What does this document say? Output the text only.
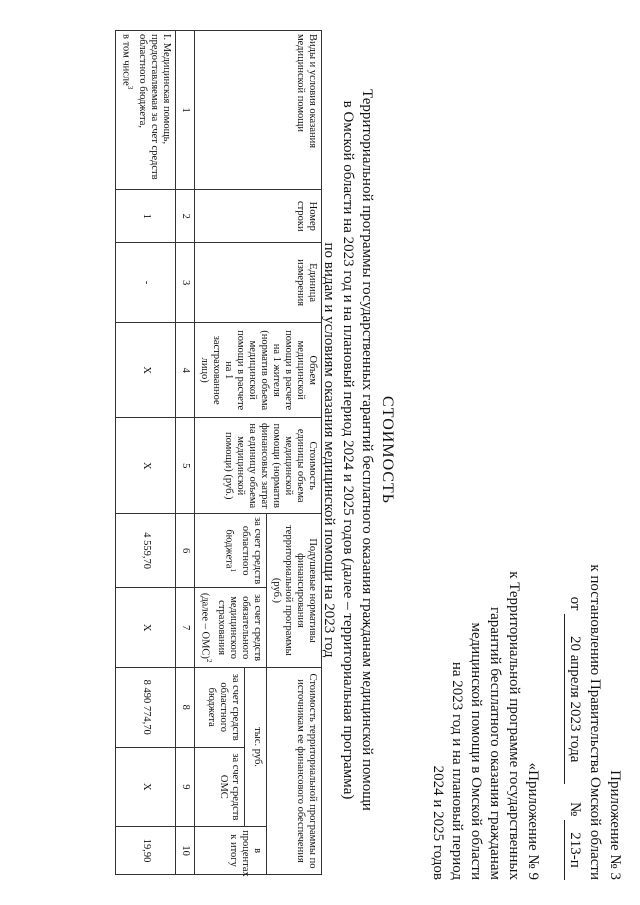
Приложение № 3
к постановлению Правительства Омской области
от 20 апреля 2023 года № 213-п
«Приложение № 9
к Территориальной программе государственных
гарантий бесплатного оказания гражданам
медицинской помощи в Омской области
на 2023 год и на плановый период
2024 и 2025 годов
СТОИМОСТЬ
Территориальной программы государственных гарантий бесплатного оказания гражданам медицинской помощи
в Омской области на 2023 год и на плановый период 2024 и 2025 годов (далее – территориальная программа)
по видам и условиям оказания медицинской помощи на 2023 год
Виды и условия оказания медицинской помощи	Номер строки	Единица измерения	Объем медицинской помощи в расчете на 1 жителя (норматив объема медицинской помощи в расчете на 1 застрахованное лицо)	Стоимость единицы объема медицинской помощи (норматив финансовых затрат на единицу объема медицинской помощи) (руб.)	Подушевые нормативы финансирования территориальной программы (руб.)		Стоимость территориальной программы по источникам ее финансового обеспечения		
					за счет средств областного бюджета$^1$	за счет средств обязательного медицинского страхования (далее – ОМС)$^2$	тыс. руб.		в процентах к итогу
							за счет средств областного бюджета	за счет средств ОМС	
1	2	3	4	5	6	7	8	9	10

I. Медицинская помощь, предоставляемая за счет средств областного бюджета,
в том числе$^3$	1	-	X	X	4 559,70	X	8 490 774,70	X	19,90
